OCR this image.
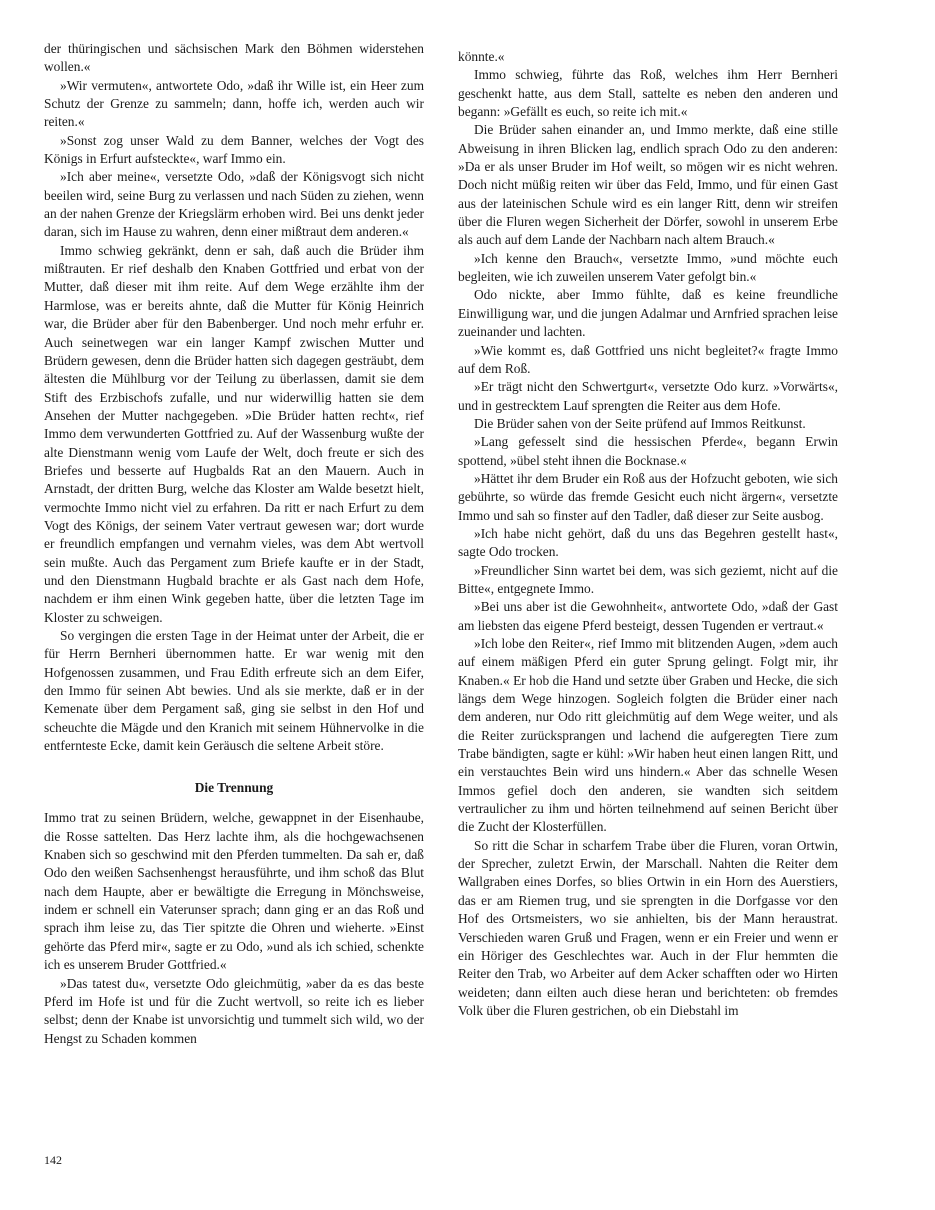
der thüringischen und sächsischen Mark den Böhmen widerstehen wollen.«

»Wir vermuten«, antwortete Odo, »daß ihr Wille ist, ein Heer zum Schutz der Grenze zu sammeln; dann, hoffe ich, werden auch wir reiten.«

»Sonst zog unser Wald zu dem Banner, welches der Vogt des Königs in Erfurt aufsteckte«, warf Immo ein.

»Ich aber meine«, versetzte Odo, »daß der Königsvogt sich nicht beeilen wird, seine Burg zu verlassen und nach Süden zu ziehen, wenn an der nahen Grenze der Kriegslärm erhoben wird. Bei uns denkt jeder daran, sich im Hause zu wahren, denn einer mißtraut dem anderen.«

Immo schwieg gekränkt, denn er sah, daß auch die Brüder ihm mißtrauten. Er rief deshalb den Knaben Gottfried und erbat von der Mutter, daß dieser mit ihm reite. Auf dem Wege erzählte ihm der Harmlose, was er bereits ahnte, daß die Mutter für König Heinrich war, die Brüder aber für den Babenberger. Und noch mehr erfuhr er. Auch seinetwegen war ein langer Kampf zwischen Mutter und Brüdern gewesen, denn die Brüder hatten sich dagegen gesträubt, dem ältesten die Mühlburg vor der Teilung zu überlassen, damit sie dem Stift des Erzbischofs zufalle, und nur widerwillig hatten sie dem Ansehen der Mutter nachgegeben. »Die Brüder hatten recht«, rief Immo dem verwunderten Gottfried zu. Auf der Wassenburg wußte der alte Dienstmann wenig vom Laufe der Welt, doch freute er sich des Briefes und besserte auf Hugbalds Rat an den Mauern. Auch in Arnstadt, der dritten Burg, welche das Kloster am Walde besetzt hielt, vermochte Immo nicht viel zu erfahren. Da ritt er nach Erfurt zu dem Vogt des Königs, der seinem Vater vertraut gewesen war; dort wurde er freundlich empfangen und vernahm vieles, was dem Abt wertvoll sein mußte. Auch das Pergament zum Briefe kaufte er in der Stadt, und den Dienstmann Hugbald brachte er als Gast nach dem Hofe, nachdem er ihm einen Wink gegeben hatte, über die letzten Tage im Kloster zu schweigen.

So vergingen die ersten Tage in der Heimat unter der Arbeit, die er für Herrn Bernheri übernommen hatte. Er war wenig mit den Hofgenossen zusammen, und Frau Edith erfreute sich an dem Eifer, den Immo für seinen Abt bewies. Und als sie merkte, daß er in der Kemenate über dem Pergament saß, ging sie selbst in den Hof und scheuchte die Mägde und den Kranich mit seinem Hühnervolke in die entfernteste Ecke, damit kein Geräusch die seltene Arbeit störe.

Die Trennung

Immo trat zu seinen Brüdern, welche, gewappnet in der Eisenhaube, die Rosse sattelten. Das Herz lachte ihm, als die hochgewachsenen Knaben sich so geschwind mit den Pferden tummelten. Da sah er, daß Odo den weißen Sachsenhengst herausführte, und ihm schoß das Blut nach dem Haupte, aber er bewältigte die Erregung in Mönchsweise, indem er schnell ein Vaterunser sprach; dann ging er an das Roß und sprach ihm leise zu, das Tier spitzte die Ohren und wieherte. »Einst gehörte das Pferd mir«, sagte er zu Odo, »und als ich schied, schenkte ich es unserem Bruder Gottfried.«

»Das tatest du«, versetzte Odo gleichmütig, »aber da es das beste Pferd im Hofe ist und für die Zucht wertvoll, so reite ich es lieber selbst; denn der Knabe ist unvorsichtig und tummelt sich wild, wo der Hengst zu Schaden kommen

könnte.«

Immo schwieg, führte das Roß, welches ihm Herr Bernheri geschenkt hatte, aus dem Stall, sattelte es neben den anderen und begann: »Gefällt es euch, so reite ich mit.«

Die Brüder sahen einander an, und Immo merkte, daß eine stille Abweisung in ihren Blicken lag, endlich sprach Odo zu den anderen: »Da er als unser Bruder im Hof weilt, so mögen wir es nicht wehren. Doch nicht müßig reiten wir über das Feld, Immo, und für einen Gast aus der lateinischen Schule wird es ein langer Ritt, denn wir streifen über die Fluren wegen Sicherheit der Dörfer, sowohl in unserem Erbe als auch auf dem Lande der Nachbarn nach altem Brauch.«

»Ich kenne den Brauch«, versetzte Immo, »und möchte euch begleiten, wie ich zuweilen unserem Vater gefolgt bin.«

Odo nickte, aber Immo fühlte, daß es keine freundliche Einwilligung war, und die jungen Adalmar und Arnfried sprachen leise zueinander und lachten.

»Wie kommt es, daß Gottfried uns nicht begleitet?« fragte Immo auf dem Roß.

»Er trägt nicht den Schwertgurt«, versetzte Odo kurz. »Vorwärts«, und in gestrecktem Lauf sprengten die Reiter aus dem Hofe.

Die Brüder sahen von der Seite prüfend auf Immos Reitkunst.

»Lang gefesselt sind die hessischen Pferde«, begann Erwin spottend, »übel steht ihnen die Bocknase.«

»Hättet ihr dem Bruder ein Roß aus der Hofzucht geboten, wie sich gebührte, so würde das fremde Gesicht euch nicht ärgern«, versetzte Immo und sah so finster auf den Tadler, daß dieser zur Seite ausbog.

»Ich habe nicht gehört, daß du uns das Begehren gestellt hast«, sagte Odo trocken.

»Freundlicher Sinn wartet bei dem, was sich geziemt, nicht auf die Bitte«, entgegnete Immo.

»Bei uns aber ist die Gewohnheit«, antwortete Odo, »daß der Gast am liebsten das eigene Pferd besteigt, dessen Tugenden er vertraut.«

»Ich lobe den Reiter«, rief Immo mit blitzenden Augen, »dem auch auf einem mäßigen Pferd ein guter Sprung gelingt. Folgt mir, ihr Knaben.« Er hob die Hand und setzte über Graben und Hecke, die sich längs dem Wege hinzogen. Sogleich folgten die Brüder einer nach dem anderen, nur Odo ritt gleichmütig auf dem Wege weiter, und als die Reiter zurücksprangen und lachend die aufgeregten Tiere zum Trabe bändigten, sagte er kühl: »Wir haben heut einen langen Ritt, und ein verstauchtes Bein wird uns hindern.« Aber das schnelle Wesen Immos gefiel doch den anderen, sie wandten sich seitdem vertraulicher zu ihm und hörten teilnehmend auf seinen Bericht über die Zucht der Klosterfüllen.

So ritt die Schar in scharfem Trabe über die Fluren, voran Ortwin, der Sprecher, zuletzt Erwin, der Marschall. Nahten die Reiter dem Wallgraben eines Dorfes, so blies Ortwin in ein Horn des Auerstiers, das er am Riemen trug, und sie sprengten in die Dorfgasse vor den Hof des Ortsmeisters, wo sie anhielten, bis der Mann heraustrat. Verschieden waren Gruß und Fragen, wenn er ein Freier und wenn er ein Höriger des Geschlechtes war. Auch in der Flur hemmten die Reiter den Trab, wo Arbeiter auf dem Acker schafften oder wo Hirten weideten; dann eilten auch diese heran und berichteten: ob fremdes Volk über die Fluren gestrichen, ob ein Diebstahl im

142
